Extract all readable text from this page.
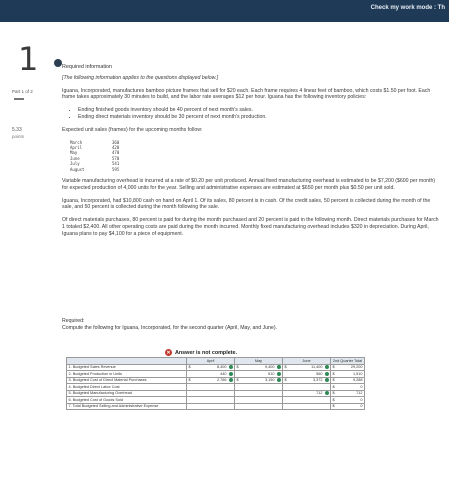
Check my work mode : Th
1
Part 1 of 2
5.33
points
Required information
[The following information applies to the questions displayed below.]
Iguana, Incorporated, manufactures bamboo picture frames that sell for $20 each. Each frame requires 4 linear feet of bamboo, which costs $1.50 per foot. Each frame takes approximately 30 minutes to build, and the labor rate averages $12 per hour. Iguana has the following inventory policies:
• Ending finished goods inventory should be 40 percent of next month's sales.
• Ending direct materials inventory should be 30 percent of next month's production.
Expected unit sales (frames) for the upcoming months follow:
March	360
April	420
May	470
June	570
July	541
August	595
Variable manufacturing overhead is incurred at a rate of $0.20 per unit produced. Annual fixed manufacturing overhead is estimated to be $7,200 ($600 per month) for expected production of 4,000 units for the year. Selling and administrative expenses are estimated at $650 per month plus $0.50 per unit sold.
Iguana, Incorporated, had $10,800 cash on hand on April 1. Of its sales, 80 percent is in cash. Of the credit sales, 50 percent is collected during the month of the sale, and 50 percent is collected during the month following the sale.
Of direct materials purchases, 80 percent is paid for during the month purchased and 20 percent is paid in the following month. Direct materials purchases for March 1 totaled $2,400. All other operating costs are paid during the month incurred. Monthly fixed manufacturing overhead includes $320 in depreciation. During April, Iguana plans to pay $4,100 for a piece of equipment.
Required:
Compute the following for Iguana, Incorporated, for the second quarter (April, May, and June).
✕ Answer is not complete.
	April	May	June	2nd Quarter Total
1. Budgeted Sales Revenue	$ 8,400	$ 9,400	$ 11,400	$ 29,200

2. Budgeted Production in Units	440	510	560	$ 1,510

3. Budgeted Cost of Direct Material Purchases	$ 2,766	$ 3,150	$ 3,372	$ 9,288

4. Budgeted Direct Labor Cost				$ 0

5. Budgeted Manufacturing Overhead			712	$ 712

6. Budgeted Cost of Goods Sold				$ 0

7. Total Budgeted Selling and Administrative Expense				$ 0
